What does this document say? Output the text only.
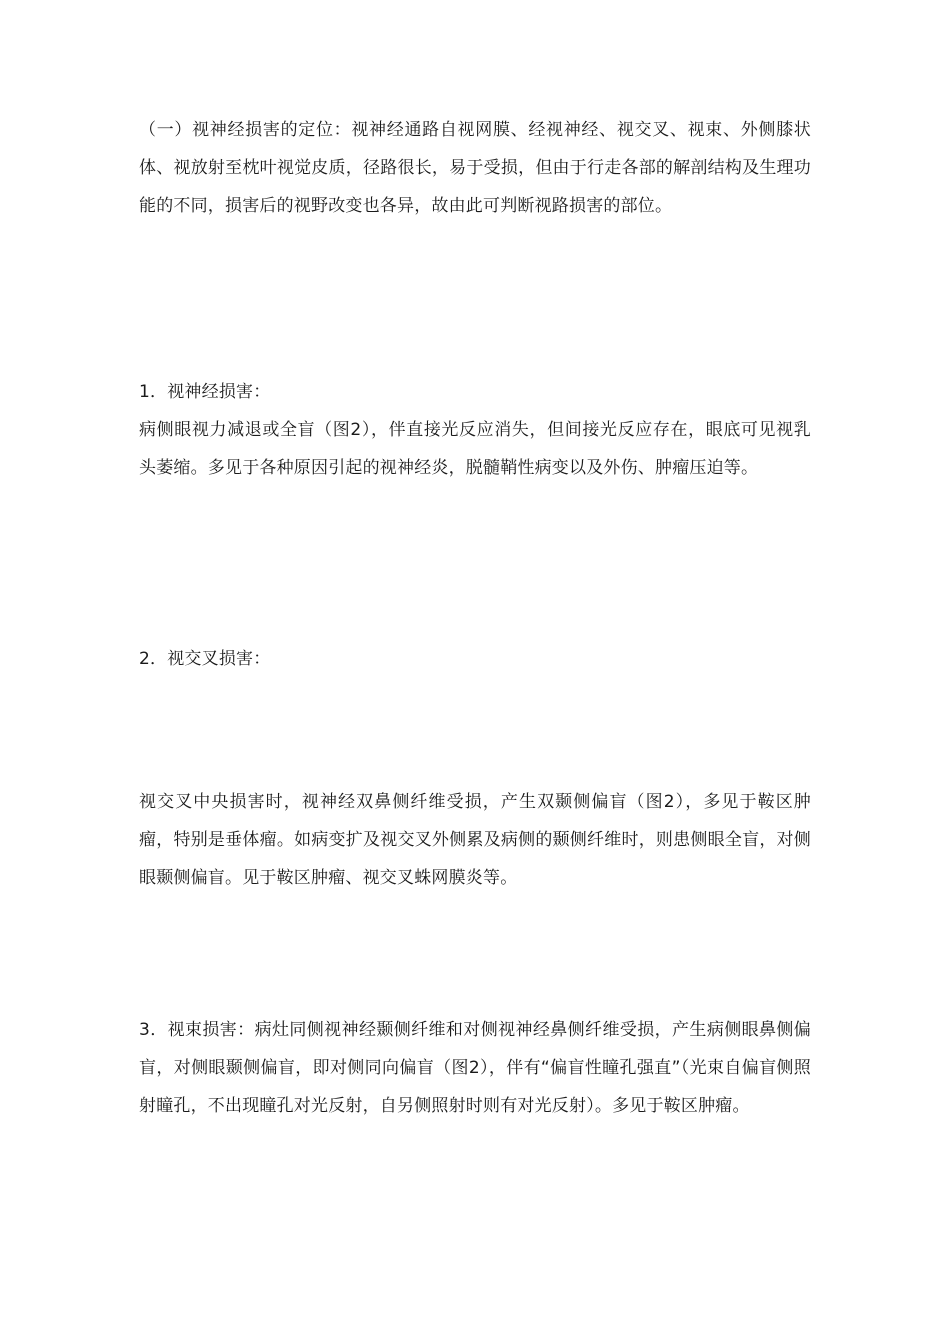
（一）视神经损害的定位：视神经通路自视网膜、经视神经、视交叉、视束、外侧膝状体、视放射至枕叶视觉皮质，径路很长，易于受损，但由于行走各部的解剖结构及生理功能的不同，损害后的视野改变也各异，故由此可判断视路损害的部位。

1．视神经损害：

病侧眼视力减退或全盲（图2），伴直接光反应消失，但间接光反应存在，眼底可见视乳头萎缩。多见于各种原因引起的视神经炎，脱髓鞘性病变以及外伤、肿瘤压迫等。

2．视交叉损害：

视交叉中央损害时，视神经双鼻侧纤维受损，产生双颞侧偏盲（图2），多见于鞍区肿瘤，特别是垂体瘤。如病变扩及视交叉外侧累及病侧的颞侧纤维时，则患侧眼全盲，对侧眼颞侧偏盲。见于鞍区肿瘤、视交叉蛛网膜炎等。

3．视束损害：病灶同侧视神经颞侧纤维和对侧视神经鼻侧纤维受损，产生病侧眼鼻侧偏盲，对侧眼颞侧偏盲，即对侧同向偏盲（图2），伴有“偏盲性瞳孔强直”（光束自偏盲侧照射瞳孔，不出现瞳孔对光反射，自另侧照射时则有对光反射）。多见于鞍区肿瘤。
